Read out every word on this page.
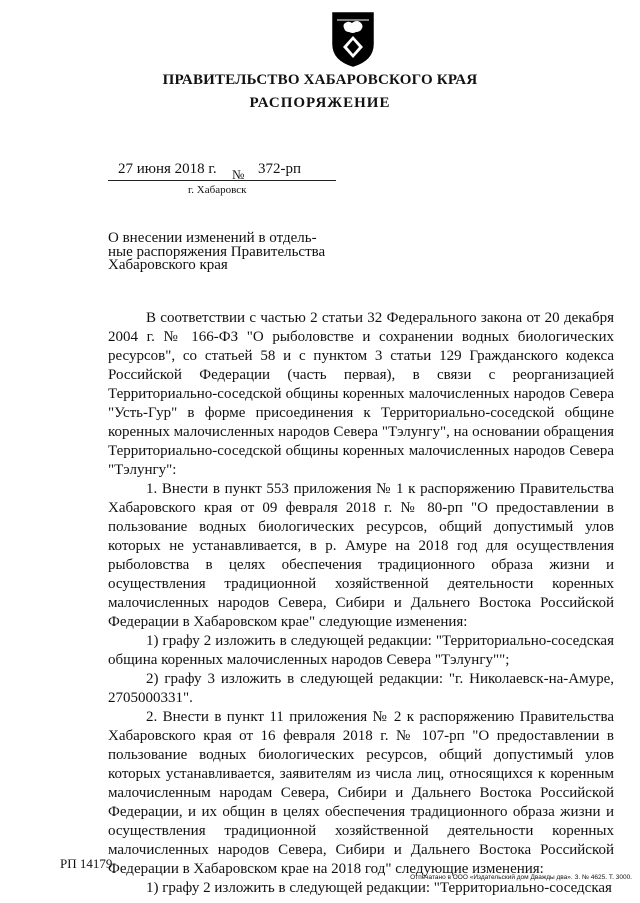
ПРАВИТЕЛЬСТВО ХАБАРОВСКОГО КРАЯ
РАСПОРЯЖЕНИЕ
27 июня 2018 г. № 372-рп
г. Хабаровск
О внесении изменений в отдель-
ные распоряжения Правительства
Хабаровского края

В соответствии с частью 2 статьи 32 Федерального закона от 20 декабря 2004 г. № 166-ФЗ "О рыболовстве и сохранении водных биологических ресурсов", со статьей 58 и с пунктом 3 статьи 129 Гражданского кодекса Российской Федерации (часть первая), в связи с реорганизацией Территориально-соседской общины коренных малочисленных народов Севера "Усть-Гур" в форме присоединения к Территориально-соседской общине коренных малочисленных народов Севера "Тэлунгу", на основании обращения Территориально-соседской общины коренных малочисленных народов Севера "Тэлунгу":

1. Внести в пункт 553 приложения № 1 к распоряжению Правительства Хабаровского края от 09 февраля 2018 г. № 80-рп "О предоставлении в пользование водных биологических ресурсов, общий допустимый улов которых не устанавливается, в р. Амуре на 2018 год для осуществления рыболовства в целях обеспечения традиционного образа жизни и осуществления традиционной хозяйственной деятельности коренных малочисленных народов Севера, Сибири и Дальнего Востока Российской Федерации в Хабаровском крае" следующие изменения:

1) графу 2 изложить в следующей редакции: "Территориально-соседская община коренных малочисленных народов Севера "Тэлунгу"";

2) графу 3 изложить в следующей редакции: "г. Николаевск-на-Амуре, 2705000331".

2. Внести в пункт 11 приложения № 2 к распоряжению Правительства Хабаровского края от 16 февраля 2018 г. № 107-рп "О предоставлении в пользование водных биологических ресурсов, общий допустимый улов которых устанавливается, заявителям из числа лиц, относящихся к коренным малочисленным народам Севера, Сибири и Дальнего Востока Российской Федерации, и их общин в целях обеспечения традиционного образа жизни и осуществления традиционной хозяйственной деятельности коренных малочисленных народов Севера, Сибири и Дальнего Востока Российской Федерации в Хабаровском крае на 2018 год" следующие изменения:

1) графу 2 изложить в следующей редакции: "Территориально-соседская

РП 14179
Отпечатано в ООО «Издательский дом Дважды два». З. № 4625. Т. 3000.
